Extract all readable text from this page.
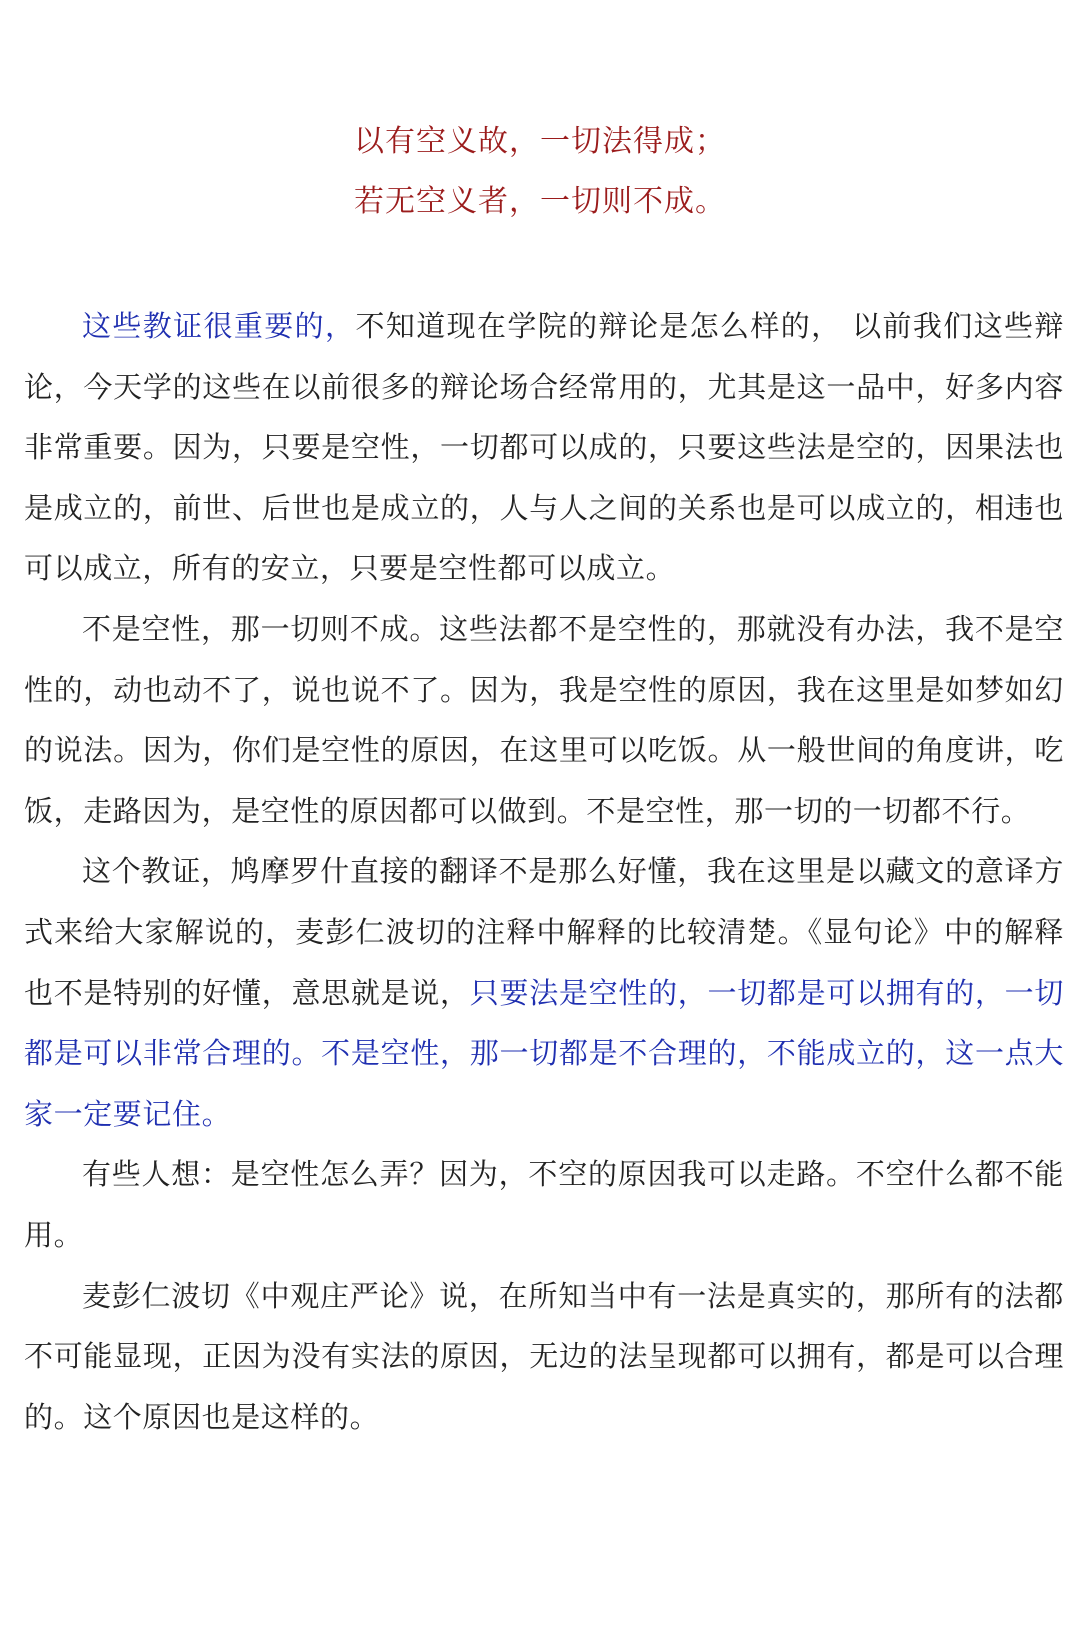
以有空义故，一切法得成；
若无空义者，一切则不成。

这些教证很重要的，不知道现在学院的辩论是怎么样的， 以前我们这些辩论，今天学的这些在以前很多的辩论场合经常用的，尤其是这一品中，好多内容非常重要。因为，只要是空性，一切都可以成的，只要这些法是空的，因果法也是成立的，前世、后世也是成立的，人与人之间的关系也是可以成立的，相违也可以成立，所有的安立，只要是空性都可以成立。

不是空性，那一切则不成。这些法都不是空性的，那就没有办法，我不是空性的，动也动不了，说也说不了。因为，我是空性的原因，我在这里是如梦如幻的说法。因为，你们是空性的原因，在这里可以吃饭。从一般世间的角度讲，吃饭，走路因为，是空性的原因都可以做到。不是空性，那一切的一切都不行。

这个教证，鸠摩罗什直接的翻译不是那么好懂，我在这里是以藏文的意译方式来给大家解说的，麦彭仁波切的注释中解释的比较清楚。《显句论》中的解释也不是特别的好懂，意思就是说，只要法是空性的，一切都是可以拥有的，一切都是可以非常合理的。不是空性，那一切都是不合理的，不能成立的，这一点大家一定要记住。

有些人想：是空性怎么弄？因为，不空的原因我可以走路。不空什么都不能用。

麦彭仁波切《中观庄严论》说，在所知当中有一法是真实的，那所有的法都不可能显现，正因为没有实法的原因，无边的法呈现都可以拥有，都是可以合理的。这个原因也是这样的。
